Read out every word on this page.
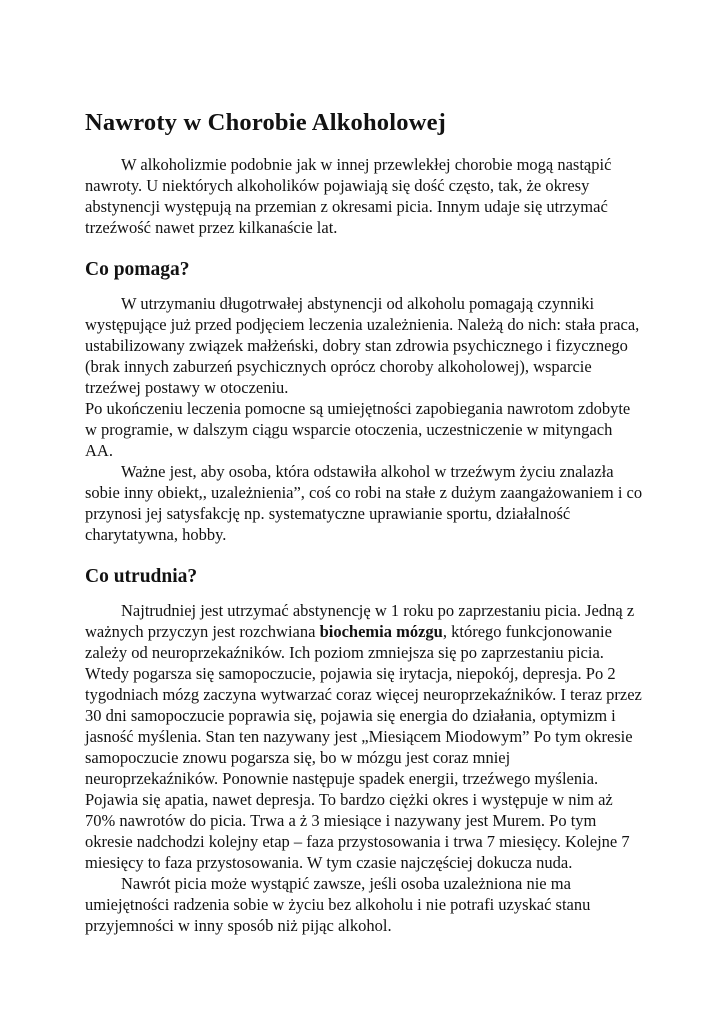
Nawroty w Chorobie Alkoholowej

W alkoholizmie podobnie jak w innej przewlekłej chorobie mogą nastąpić nawroty. U niektórych alkoholików pojawiają się dość często, tak, że okresy abstynencji występują na przemian z okresami picia. Innym udaje się utrzymać trzeźwość nawet przez kilkanaście lat.

Co pomaga?

W utrzymaniu długotrwałej abstynencji od alkoholu pomagają czynniki występujące już przed podjęciem leczenia uzależnienia. Należą do nich: stała praca, ustabilizowany związek małżeński, dobry stan zdrowia psychicznego i fizycznego (brak innych zaburzeń psychicznych oprócz choroby alkoholowej), wsparcie trzeźwej postawy w otoczeniu.

Po ukończeniu leczenia pomocne są umiejętności zapobiegania nawrotom zdobyte w programie, w dalszym ciągu wsparcie otoczenia, uczestniczenie w mityngach AA.

Ważne jest, aby osoba, która odstawiła alkohol w trzeźwym życiu znalazła sobie inny obiekt,, uzależnienia”, coś co robi na stałe z dużym zaangażowaniem i co przynosi jej satysfakcję np. systematyczne uprawianie sportu, działalność charytatywna, hobby.

Co utrudnia?

Najtrudniej jest utrzymać abstynencję w 1 roku po zaprzestaniu picia. Jedną z ważnych przyczyn jest rozchwiana biochemia mózgu, którego funkcjonowanie zależy od neuroprzekaźników. Ich poziom zmniejsza się po zaprzestaniu picia. Wtedy pogarsza się samopoczucie, pojawia się irytacja, niepokój, depresja. Po 2 tygodniach mózg zaczyna wytwarzać coraz więcej neuroprzekaźników. I teraz przez 30 dni samopoczucie poprawia się, pojawia się energia do działania, optymizm i jasność myślenia. Stan ten nazywany jest „Miesiącem Miodowym” Po tym okresie samopoczucie znowu pogarsza się, bo w mózgu jest coraz mniej neuroprzekaźników. Ponownie następuje spadek energii, trzeźwego myślenia. Pojawia się apatia, nawet depresja. To bardzo ciężki okres i występuje w nim aż 70% nawrotów do picia. Trwa a ż 3 miesiące i nazywany jest Murem. Po tym okresie nadchodzi kolejny etap – faza przystosowania i trwa 7 miesięcy. Kolejne 7 miesięcy to faza przystosowania. W tym czasie najczęściej dokucza nuda.

Nawrót picia może wystąpić zawsze, jeśli osoba uzależniona nie ma umiejętności radzenia sobie w życiu bez alkoholu i nie potrafi uzyskać stanu przyjemności w inny sposób niż pijąc alkohol.
